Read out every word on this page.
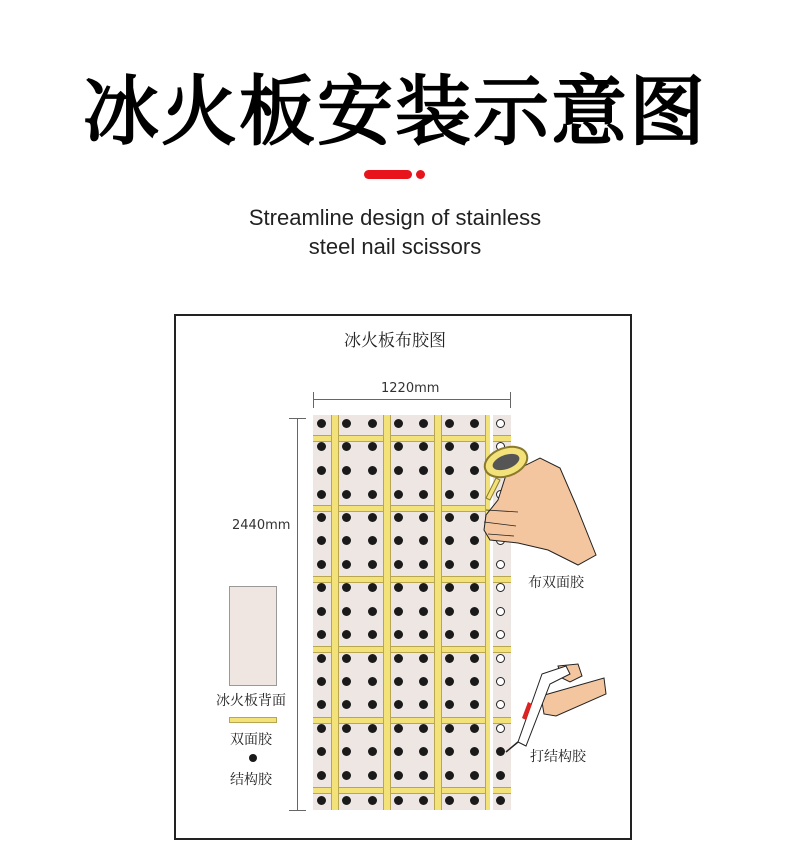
冰火板安装示意图
Streamline design of stainless
steel nail scissors
冰火板布胶图
1220mm
2440mm
布双面胶
打结构胶
冰火板背面
双面胶
结构胶
